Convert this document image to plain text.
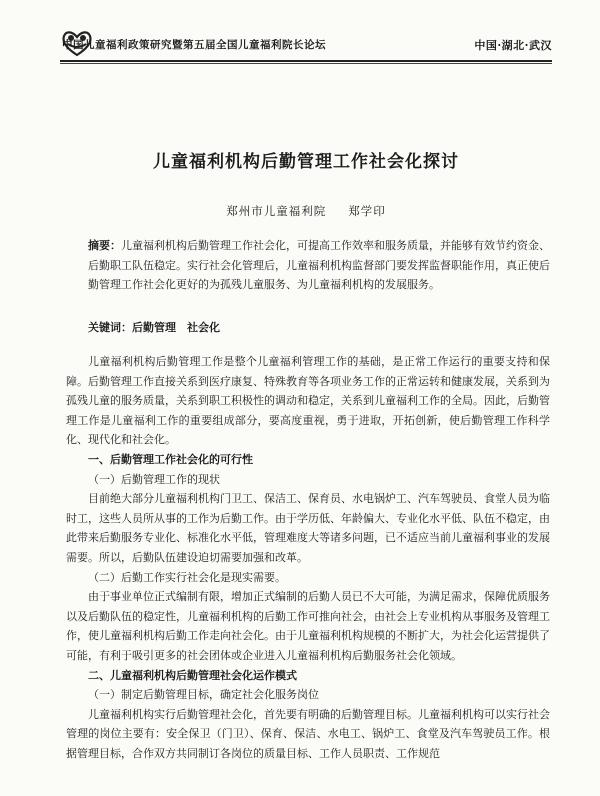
中国儿童福利政策研究暨第五届全国儿童福利院长论坛	中国·湖北·武汉
儿童福利机构后勤管理工作社会化探讨
郑州市儿童福利院 郑学印
摘要：儿童福利机构后勤管理工作社会化，可提高工作效率和服务质量，并能够有效节约资金、后勤职工队伍稳定。实行社会化管理后，儿童福利机构监督部门要发挥监督职能作用，真正使后勤管理工作社会化更好的为孤残儿童服务、为儿童福利机构的发展服务。
关键词：后勤管理　社会化

儿童福利机构后勤管理工作是整个儿童福利管理工作的基础，是正常工作运行的重要支持和保障。后勤管理工作直接关系到医疗康复、特殊教育等各项业务工作的正常运转和健康发展，关系到为孤残儿童的服务质量，关系到职工积极性的调动和稳定，关系到儿童福利工作的全局。因此，后勤管理工作是儿童福利工作的重要组成部分，要高度重视，勇于进取，开拓创新，使后勤管理工作科学化、现代化和社会化。

一、后勤管理工作社会化的可行性
（一）后勤管理工作的现状

目前绝大部分儿童福利机构门卫工、保洁工、保育员、水电锅炉工、汽车驾驶员、食堂人员为临时工，这些人员所从事的工作为后勤工作。由于学历低、年龄偏大、专业化水平低、队伍不稳定，由此带来后勤服务专业化、标准化水平低，管理难度大等诸多问题，已不适应当前儿童福利事业的发展需要。所以，后勤队伍建设迫切需要加强和改革。

（二）后勤工作实行社会化是现实需要。

由于事业单位正式编制有限，增加正式编制的后勤人员已不大可能，为满足需求，保障优质服务以及后勤队伍的稳定性，儿童福利机构的后勤工作可推向社会，由社会上专业机构从事服务及管理工作，使儿童福利机构后勤工作走向社会化。由于儿童福利机构规模的不断扩大，为社会化运营提供了可能，有利于吸引更多的社会团体或企业进入儿童福利机构后勤服务社会化领域。

二、儿童福利机构后勤管理社会化运作模式
（一）制定后勤管理目标，确定社会化服务岗位

儿童福利机构实行后勤管理社会化，首先要有明确的后勤管理目标。儿童福利机构可以实行社会管理的岗位主要有：安全保卫（门卫）、保育、保洁、水电工、锅炉工、食堂及汽车驾驶员工作。根据管理目标，合作双方共同制订各岗位的质量目标、工作人员职责、工作规范
